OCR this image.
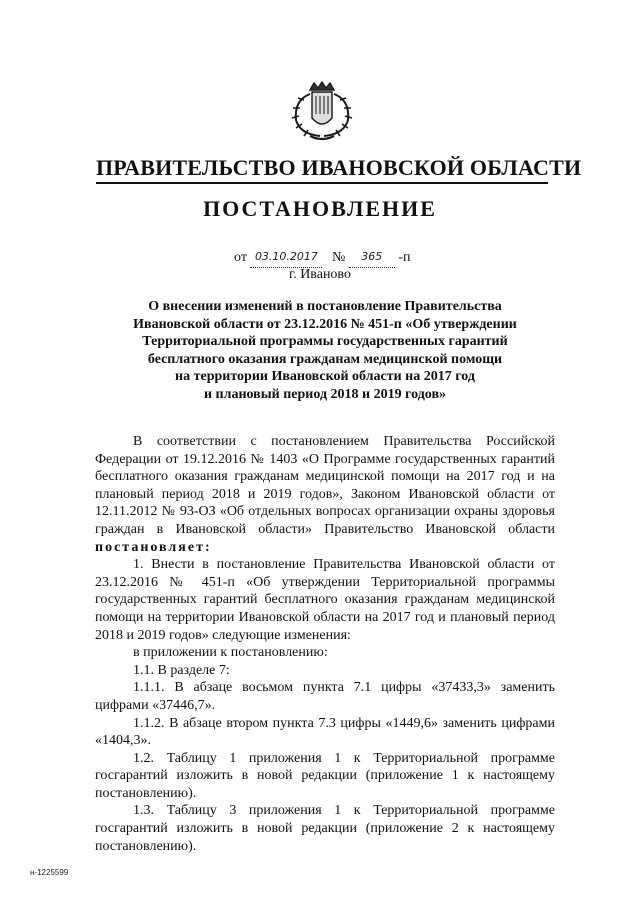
ПРАВИТЕЛЬСТВО ИВАНОВСКОЙ ОБЛАСТИ
ПОСТАНОВЛЕНИЕ
от 03.10.2017 № 365 -п
г. Иваново
О внесении изменений в постановление Правительства
Ивановской области от 23.12.2016 № 451-п «Об утверждении
Территориальной программы государственных гарантий
бесплатного оказания гражданам медицинской помощи
на территории Ивановской области на 2017 год
и плановый период 2018 и 2019 годов»

В соответствии с постановлением Правительства Российской Федерации от 19.12.2016 № 1403 «О Программе государственных гарантий бесплатного оказания гражданам медицинской помощи на 2017 год и на плановый период 2018 и 2019 годов», Законом Ивановской области от 12.11.2012 № 93-ОЗ «Об отдельных вопросах организации охраны здоровья граждан в Ивановской области» Правительство Ивановской области постановляет:

1. Внести в постановление Правительства Ивановской области от 23.12.2016 № 451-п «Об утверждении Территориальной программы государственных гарантий бесплатного оказания гражданам медицинской помощи на территории Ивановской области на 2017 год и плановый период 2018 и 2019 годов» следующие изменения:

в приложении к постановлению:

1.1. В разделе 7:

1.1.1. В абзаце восьмом пункта 7.1 цифры «37433,3» заменить цифрами «37446,7».

1.1.2. В абзаце втором пункта 7.3 цифры «1449,6» заменить цифрами «1404,3».

1.2. Таблицу 1 приложения 1 к Территориальной программе госгарантий изложить в новой редакции (приложение 1 к настоящему постановлению).

1.3. Таблицу 3 приложения 1 к Территориальной программе госгарантий изложить в новой редакции (приложение 2 к настоящему постановлению).

н-1225599
